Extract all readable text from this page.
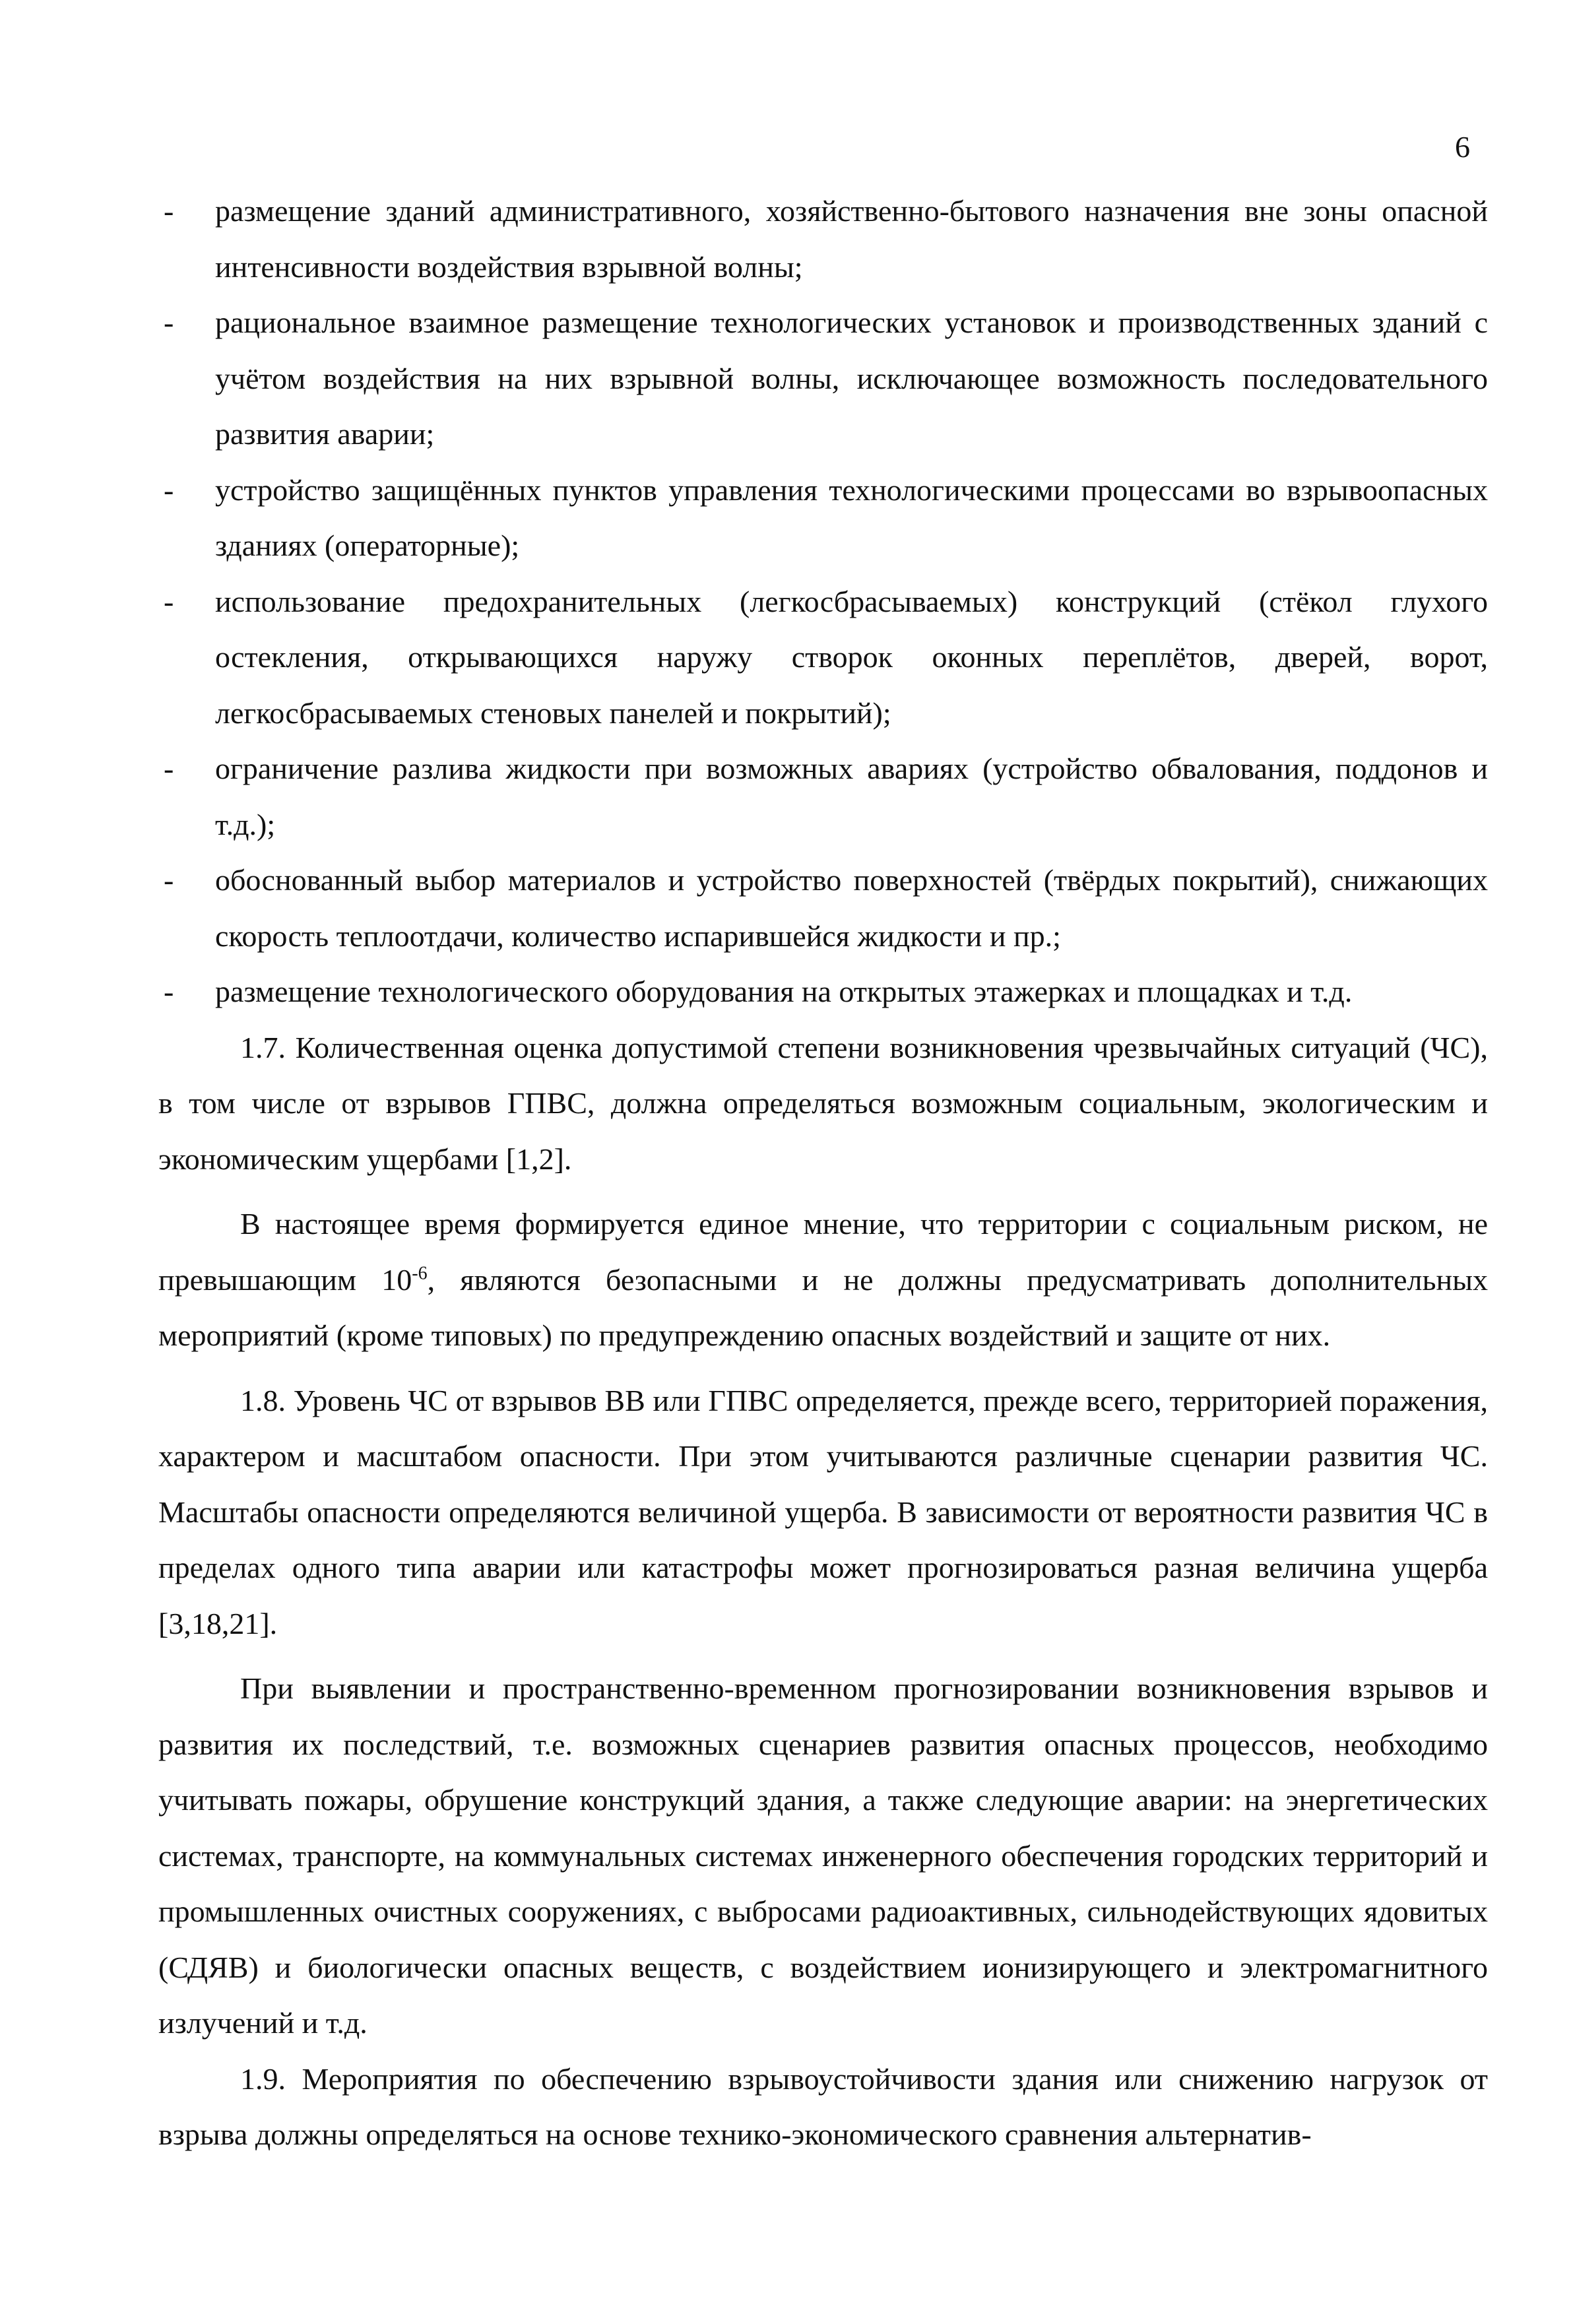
6
- размещение зданий административного, хозяйственно-бытового назначения вне зоны опасной интенсивности воздействия взрывной волны;
- рациональное взаимное размещение технологических установок и производственных зданий с учётом воздействия на них взрывной волны, исключающее возможность последовательного развития аварии;
- устройство защищённых пунктов управления технологическими процессами во взрывоопасных зданиях (операторные);
- использование предохранительных (легкосбрасываемых) конструкций (стёкол глухого остекления, открывающихся наружу створок оконных переплётов, дверей, ворот, легкосбрасываемых стеновых панелей и покрытий);
- ограничение разлива жидкости при возможных авариях (устройство обвалования, поддонов и т.д.);
- обоснованный выбор материалов и устройство поверхностей (твёрдых покрытий), снижающих скорость теплоотдачи, количество испарившейся жидкости и пр.;
- размещение технологического оборудования на открытых этажерках и площадках и т.д.

1.7. Количественная оценка допустимой степени возникновения чрезвычайных ситуаций (ЧС), в том числе от взрывов ГПВС, должна определяться возможным социальным, экологическим и экономическим ущербами [1,2].

В настоящее время формируется единое мнение, что территории с социальным риском, не превышающим $10^{-6}$, являются безопасными и не должны предусматривать дополнительных мероприятий (кроме типовых) по предупреждению опасных воздействий и защите от них.

1.8. Уровень ЧС от взрывов ВВ или ГПВС определяется, прежде всего, территорией поражения, характером и масштабом опасности. При этом учитываются различные сценарии развития ЧС. Масштабы опасности определяются величиной ущерба. В зависимости от вероятности развития ЧС в пределах одного типа аварии или катастрофы может прогнозироваться разная величина ущерба [3,18,21].

При выявлении и пространственно-временном прогнозировании возникновения взрывов и развития их последствий, т.е. возможных сценариев развития опасных процессов, необходимо учитывать пожары, обрушение конструкций здания, а также следующие аварии: на энергетических системах, транспорте, на коммунальных системах инженерного обеспечения городских территорий и промышленных очистных сооружениях, с выбросами радиоактивных, сильнодействующих ядовитых (СДЯВ) и биологически опасных веществ, с воздействием ионизирующего и электромагнитного излучений и т.д.

1.9. Мероприятия по обеспечению взрывоустойчивости здания или снижению нагрузок от взрыва должны определяться на основе технико-экономического сравнения альтернатив-
